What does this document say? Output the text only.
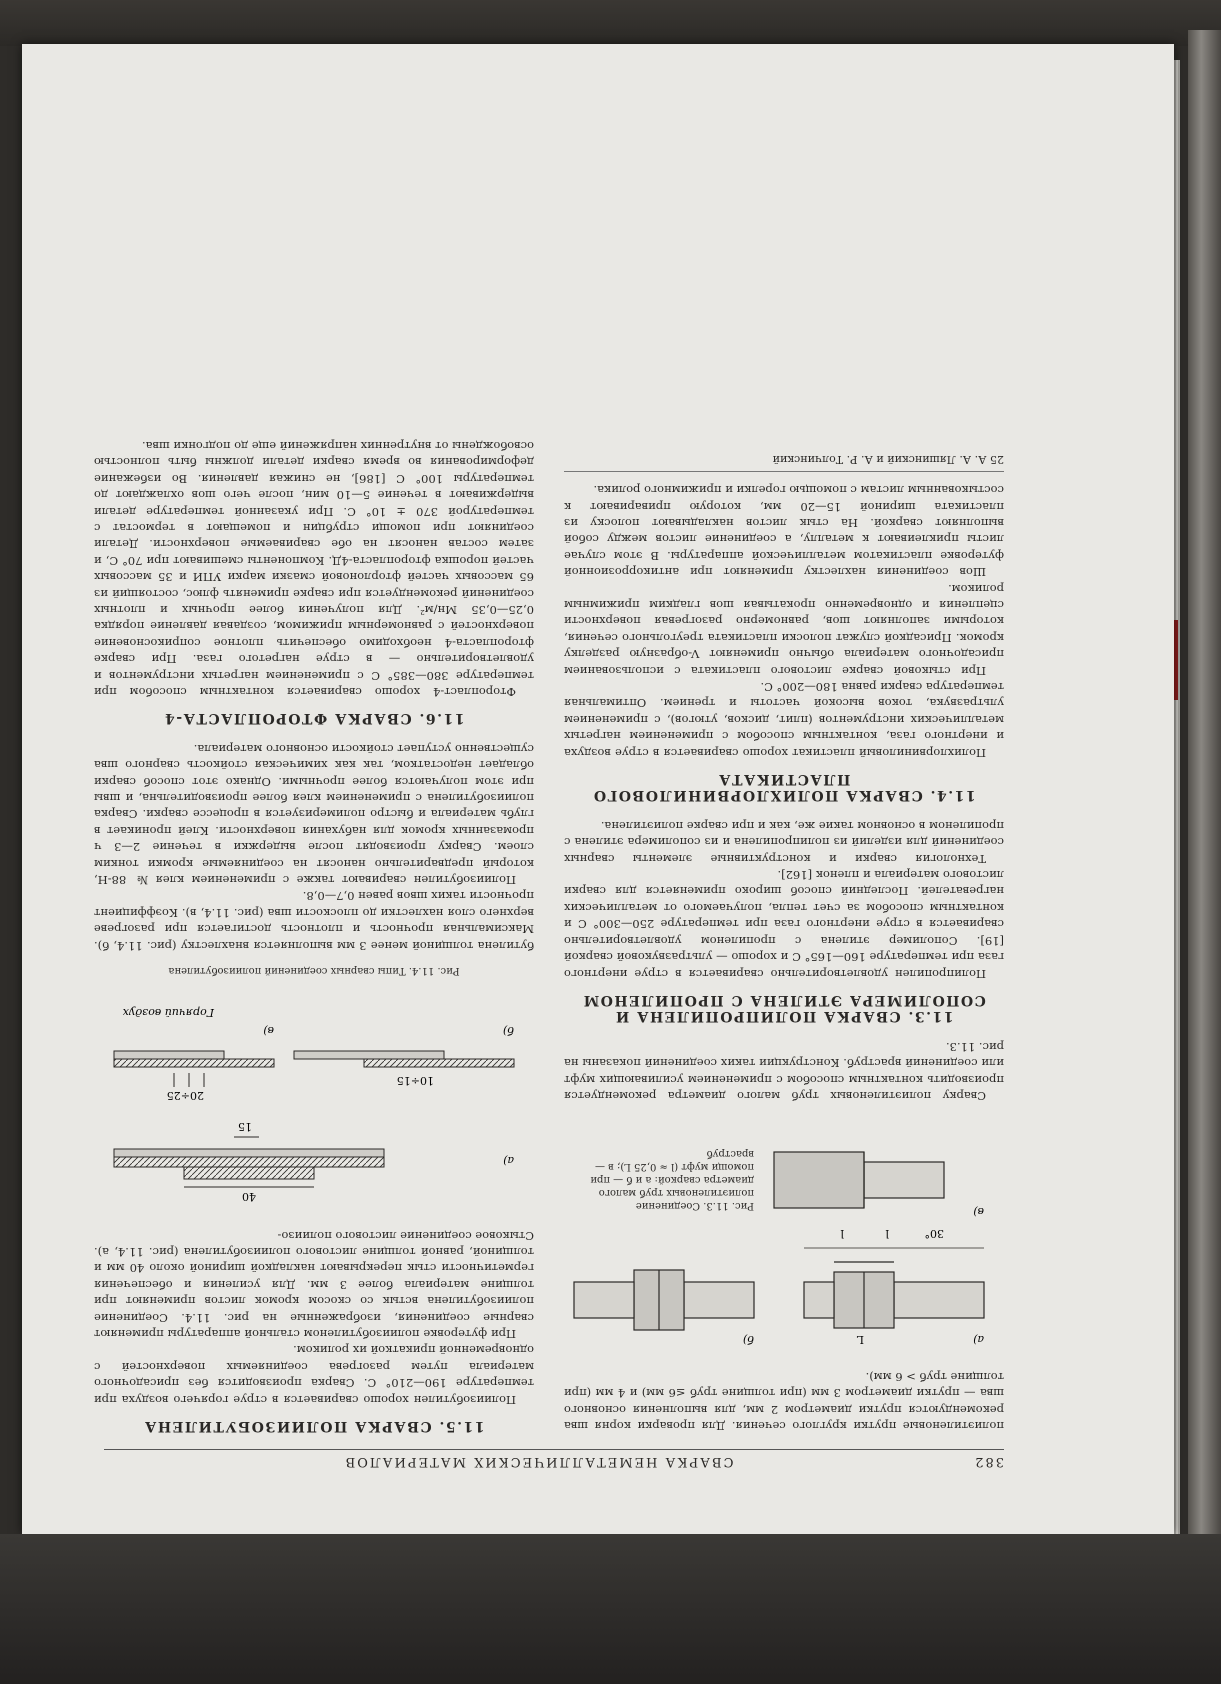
382
СВАРКА НЕМЕТАЛЛИЧЕСКИХ МАТЕРИАЛОВ

полиэтиленовые прутки круглого сечения. Для проварки корня шва рекомендуются прутки диаметром 2 мм, для выполнения основного шва — прутки диаметром 3 мм (при толщине труб ≤6 мм) и 4 мм (при толщине труб > 6 мм).

а)
б)
в)
30°
l
l
L
Рис. 11.3. Соединение полиэтиленовых труб малого диаметра сваркой: а и б — при помощи муфт (l ≈ 0,25 L); в — враструб

Сварку полиэтиленовых труб малого диаметра рекомендуется производить контактным способом с применением усиливающих муфт или соединений враструб. Конструкции таких соединений показаны на рис. 11.3.

11.3. СВАРКА ПОЛИПРОПИЛЕНА И СОПОЛИМЕРА ЭТИЛЕНА С ПРОПИЛЕНОМ

Полипропилен удовлетворительно сваривается в струе инертного газа при температуре 160—165° С и хорошо — ультразвуковой сваркой [19]. Сополимер этилена с пропиленом удовлетворительно сваривается в струе инертного газа при температуре 250—300° С и контактным способом за счет тепла, получаемого от металлических нагревателей. Последний способ широко применяется для сварки листового материала и пленок [162].

Технология сварки и конструктивные элементы сварных соединений для изделий из полипропилена и из сополимера этилена с пропиленом в основном такие же, как и при сварке полиэтилена.

11.4. СВАРКА ПОЛИХЛОРВИНИЛОВОГО ПЛАСТИКАТА

Полихлорвиниловый пластикат хорошо сваривается в струе воздуха и инертного газа, контактным способом с применением нагретых металлических инструментов (плит, дисков, утюгов), с применением ультразвука, токов высокой частоты и трением. Оптимальная температура сварки равна 180—200° С.

При стыковой сварке листового пластиката с использованием присадочного материала обычно применяют V-образную разделку кромок. Присадкой служат полоски пластиката треугольного сечения, которыми заполняют шов, равномерно разогревая поверхности сцепления и одновременно прокатывая шов гладким прижимным роликом.

Шов соединения нахлестку применяют при антикоррозионной футеровке пластикатом металлической аппаратуры. В этом случае листы приклеивают к металлу, а соединение листов между собой выполняют сваркой. На стык листов накладывают полоску из пластиката шириной 15—20 мм, которую приваривают к состыкованным листам с помощью горелки и прижимного ролика.

25 А. А. Ляшинский и А. Р. Толчинский
11.5. СВАРКА ПОЛИИЗОБУТИЛЕНА

Полиизобутилен хорошо сваривается в струе горячего воздуха при температуре 190—210° С. Сварка производится без присадочного материала путем разогрева соединяемых поверхностей с одновременной прикаткой их роликом.

При футеровке полиизобутиленом стальной аппаратуры применяют сварные соединения, изображенные на рис. 11.4. Соединение полиизобутилена встык со скосом кромок листов применяют при толщине материала более 3 мм. Для усиления и обеспечения герметичности стык перекрывают накладкой шириной около 40 мм и толщиной, равной толщине листового полиизобутилена (рис. 11.4, а). Стыковое соединение листового полиизо-

а)
40
15
б)
10÷15
в)
20÷25
Горячий воздух
Рис. 11.4. Типы сварных соединений полиизобутилена

бутилена толщиной менее 3 мм выполняется внахлестку (рис. 11.4, б). Максимальная прочность и плотность достигается при разогреве верхнего слоя нахлестки до плоскости шва (рис. 11.4, в). Коэффициент прочности таких швов равен 0,7—0,8.

Полиизобутилен сваривают также с применением клея № 88-Н, который предварительно наносят на соединяемые кромки тонким слоем. Сварку производят после выдержки в течение 2—3 ч промазанных кромок для набухания поверхности. Клей проникает в глубь материала и быстро полимеризуется в процессе сварки. Сварка полиизобутилена с применением клея более производительна, и швы при этом получаются более прочными. Однако этот способ сварки обладает недостатком, так как химическая стойкость сварного шва существенно уступает стойкости основного материала.

11.6. СВАРКА ФТОРОПЛАСТА-4

Фторопласт-4 хорошо сваривается контактным способом при температуре 380—385° С с применением нагретых инструментов и удовлетворительно — в струе нагретого газа. При сварке фторопласта-4 необходимо обеспечить плотное соприкосновение поверхностей с равномерным прижимом, создавая давление порядка 0,25—0,35 Мн/м². Для получения более прочных и плотных соединений рекомендуется при сварке применять флюс, состоящий из 65 массовых частей фторлоновой смазки марки УПИ и 35 массовых частей порошка фторопласта-4Д. Компоненты смешивают при 70° С, и затем состав наносят на обе свариваемые поверхности. Детали соединяют при помощи струбцин и помещают в термостат с температурой 370 ± 10° С. При указанной температуре детали выдерживают в течение 5—10 мин, после чего шов охлаждают до температуры 100° С [186], не снижая давления. Во избежание деформирования во время сварки детали должны быть полностью освобождены от внутренних напряжений еще до подгонки шва.
